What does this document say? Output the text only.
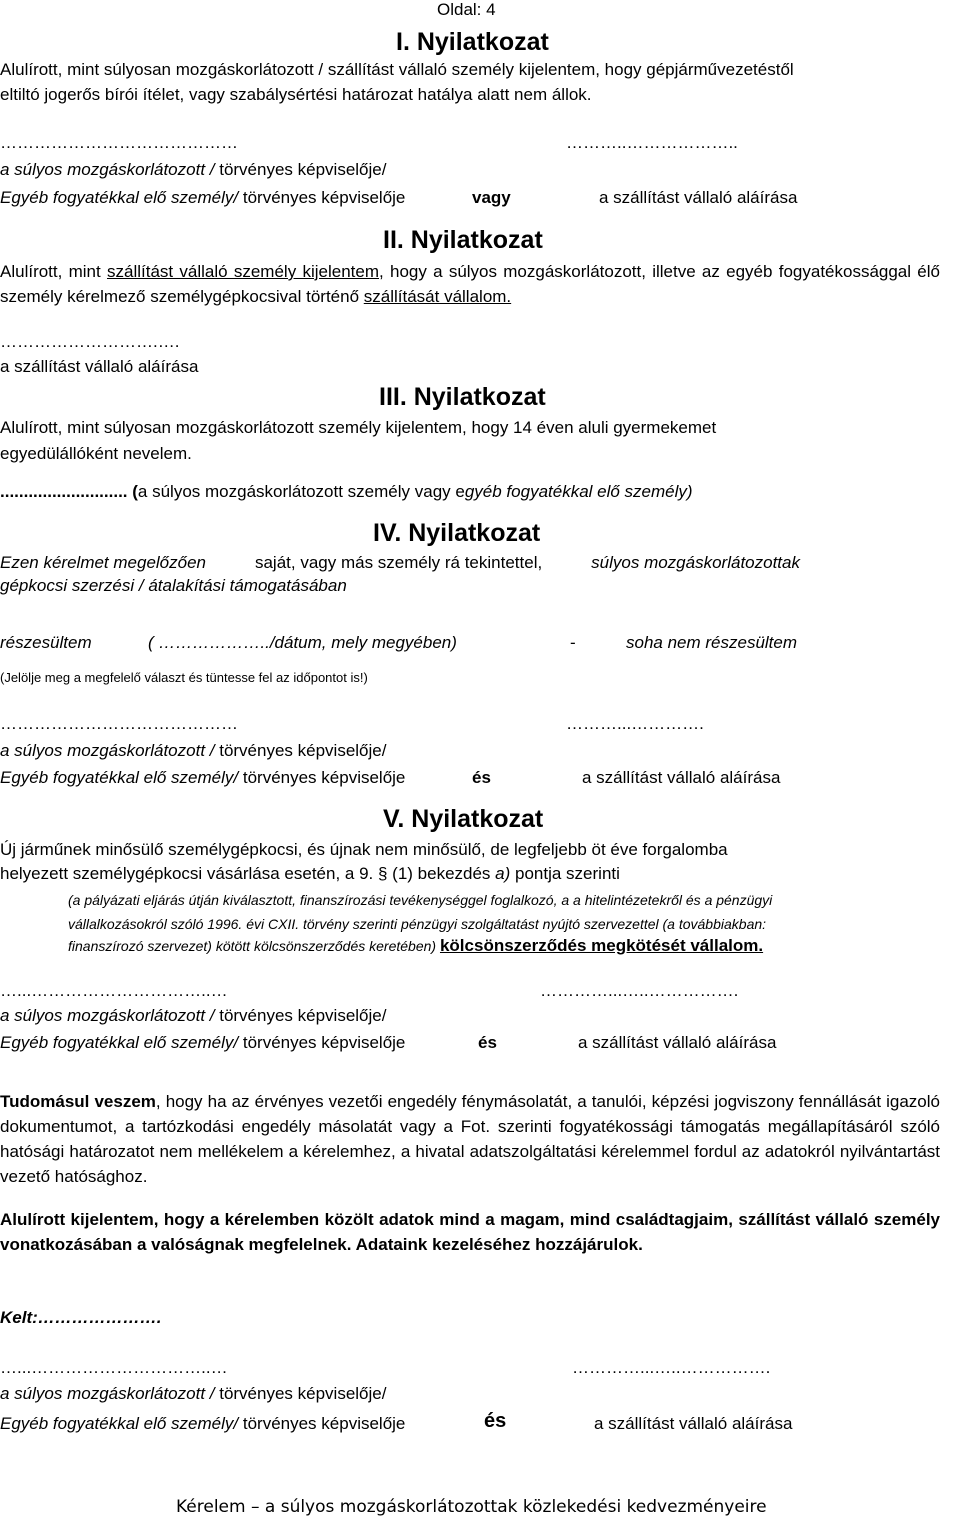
Oldal: 4
I. Nyilatkozat
Alulírott, mint súlyosan mozgáskorlátozott / szállítást vállaló személy kijelentem, hogy gépjárművezetéstől
eltiltó jogerős bírói ítélet, vagy szabálysértési határozat hatálya alatt nem állok.
……………………………………	………..………………..
a súlyos mozgáskorlátozott / törvényes képviselője/
Egyéb fogyatékkal elő személy/ törvényes képviselője	vagy	a szállítást vállaló aláírása
II. Nyilatkozat
Alulírott, mint szállítást vállaló személy kijelentem, hogy a súlyos mozgáskorlátozott, illetve az egyéb fogyatékossággal élő személy kérelmező személygépkocsival történő szállítását vállalom.
……………………….….
a szállítást vállaló aláírása
III. Nyilatkozat
Alulírott, mint súlyosan mozgáskorlátozott személy kijelentem, hogy 14 éven aluli gyermekemet
egyedülállóként nevelem.
........................... (a súlyos mozgáskorlátozott személy vagy egyéb fogyatékkal elő személy)
IV. Nyilatkozat
Ezen kérelmet megelőzően	saját, vagy más személy rá tekintettel,	súlyos mozgáskorlátozottak
gépkocsi szerzési / átalakítási támogatásában
részesültem	( ………………../dátum, mely megyében)	-	soha nem részesültem
(Jelölje meg a megfelelő választ és tüntesse fel az időpontot is!)
……………………………………	………...………….
a súlyos mozgáskorlátozott / törvényes képviselője/
Egyéb fogyatékkal elő személy/ törvényes képviselője	és	a szállítást vállaló aláírása
V. Nyilatkozat
Új járműnek minősülő személygépkocsi, és újnak nem minősülő, de legfeljebb öt éve forgalomba
helyezett személygépkocsi vásárlása esetén, a 9. § (1) bekezdés a) pontja szerinti
(a pályázati eljárás útján kiválasztott, finanszírozási tevékenységgel foglalkozó, a a hitelintézetekről és a pénzügyi
vállalkozásokról szóló 1996. évi CXII. törvény szerinti pénzügyi szolgáltatást nyújtó szervezettel (a továbbiakban:
finanszírozó szervezet) kötött kölcsönszerződés keretében) kölcsönszerződés megkötését vállalom.
…...…………………………..…	…………...…..…………….
a súlyos mozgáskorlátozott / törvényes képviselője/
Egyéb fogyatékkal elő személy/ törvényes képviselője	és	a szállítást vállaló aláírása
Tudomásul veszem, hogy ha az érvényes vezetői engedély fénymásolatát, a tanulói, képzési jogviszony fennállását igazoló dokumentumot, a tartózkodási engedély másolatát vagy a Fot. szerinti fogyatékossági támogatás megállapításáról szóló hatósági határozatot nem mellékelem a kérelemhez, a hivatal adatszolgáltatási kérelemmel fordul az adatokról nyilvántartást vezető hatósághoz.
Alulírott kijelentem, hogy a kérelemben közölt adatok mind a magam, mind családtagjaim, szállítást vállaló személy vonatkozásában a valóságnak megfelelnek. Adataink kezeléséhez hozzájárulok.
Kelt:………………….
…...…………………………..…	…………...…..…………….
a súlyos mozgáskorlátozott / törvényes képviselője/
Egyéb fogyatékkal elő személy/ törvényes képviselője	és	a szállítást vállaló aláírása
Kérelem – a súlyos mozgáskorlátozottak közlekedési kedvezményeire
